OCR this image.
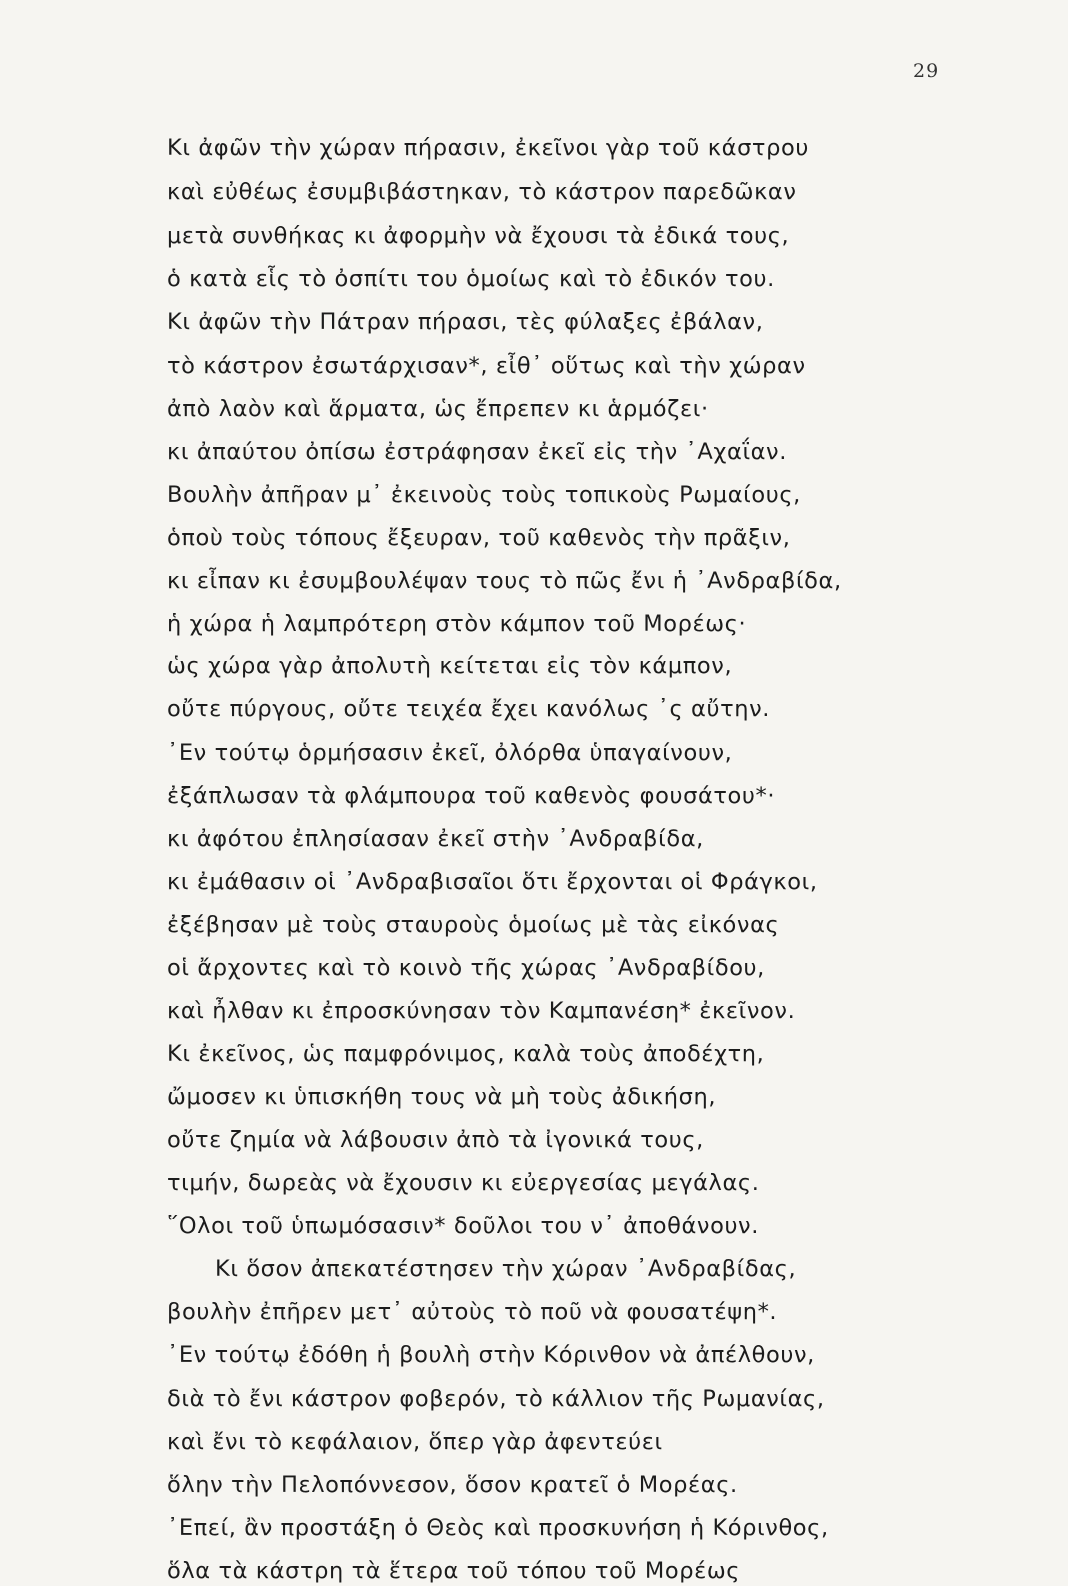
29
Κι ἀφῶν τὴν χώραν πήρασιν, ἐκεῖνοι γὰρ τοῦ κάστρου
καὶ εὐθέως ἐσυμβιβάστηκαν, τὸ κάστρον παρεδῶκαν
μετὰ συνθήκας κι ἀφορμὴν νὰ ἔχουσι τὰ ἐδικά τους,
ὁ κατὰ εἷς τὸ ὀσπίτι του ὁμοίως καὶ τὸ ἐδικόν του.
Κι ἀφῶν τὴν Πάτραν πήρασι, τὲς φύλαξες ἐβάλαν,
τὸ κάστρον ἐσωτάρχισαν*, εἶθ᾽ οὕτως καὶ τὴν χώραν
ἀπὸ λαὸν καὶ ἅρματα, ὡς ἔπρεπεν κι ἁρμόζει·
κι ἀπαύτου ὀπίσω ἐστράφησαν ἐκεῖ εἰς τὴν ᾽Αχαΐαν.
Βουλὴν ἀπῆραν μ᾽ ἐκεινοὺς τοὺς τοπικοὺς Ρωμαίους,
ὁποὺ τοὺς τόπους ἔξευραν, τοῦ καθενὸς τὴν πρᾶξιν,
κι εἶπαν κι ἐσυμβουλέψαν τους τὸ πῶς ἔνι ἡ ᾽Ανδραβίδα,
ἡ χώρα ἡ λαμπρότερη στὸν κάμπον τοῦ Μορέως·
ὡς χώρα γὰρ ἀπολυτὴ κείτεται εἰς τὸν κάμπον,
οὔτε πύργους, οὔτε τειχέα ἔχει κανόλως ᾽ς αὔτην.
᾽Εν τούτῳ ὁρμήσασιν ἐκεῖ, ὀλόρθα ὑπαγαίνουν,
ἐξάπλωσαν τὰ φλάμπουρα τοῦ καθενὸς φουσάτου*·
κι ἀφότου ἐπλησίασαν ἐκεῖ στὴν ᾽Ανδραβίδα,
κι ἐμάθασιν οἱ ᾽Ανδραβισαῖοι ὅτι ἔρχονται οἱ Φράγκοι,
ἐξέβησαν μὲ τοὺς σταυροὺς ὁμοίως μὲ τὰς εἰκόνας
οἱ ἄρχοντες καὶ τὸ κοινὸ τῆς χώρας ᾽Ανδραβίδου,
καὶ ἦλθαν κι ἐπροσκύνησαν τὸν Καμπανέση* ἐκεῖνον.
Κι ἐκεῖνος, ὡς παμφρόνιμος, καλὰ τοὺς ἀποδέχτη,
ὤμοσεν κι ὑπισκήθη τους νὰ μὴ τοὺς ἀδικήση,
οὔτε ζημία νὰ λάβουσιν ἀπὸ τὰ ἰγονικά τους,
τιμήν, δωρεὰς νὰ ἔχουσιν κι εὐεργεσίας μεγάλας.
῞Ολοι τοῦ ὑπωμόσασιν* δοῦλοι του ν᾽ ἀποθάνουν.
Κι ὅσον ἀπεκατέστησεν τὴν χώραν ᾽Ανδραβίδας,
βουλὴν ἐπῆρεν μετ᾽ αὐτοὺς τὸ ποῦ νὰ φουσατέψη*.
᾽Εν τούτῳ ἐδόθη ἡ βουλὴ στὴν Κόρινθον νὰ ἀπέλθουν,
διὰ τὸ ἔνι κάστρον φοβερόν, τὸ κάλλιον τῆς Ρωμανίας,
καὶ ἔνι τὸ κεφάλαιον, ὅπερ γὰρ ἀφεντεύει
ὅλην τὴν Πελοπόννεσον, ὅσον κρατεῖ ὁ Μορέας.
᾽Επεί, ἂν προστάξη ὁ Θεὸς καὶ προσκυνήση ἡ Κόρινθος,
ὅλα τὰ κάστρη τὰ ἕτερα τοῦ τόπου τοῦ Μορέως
